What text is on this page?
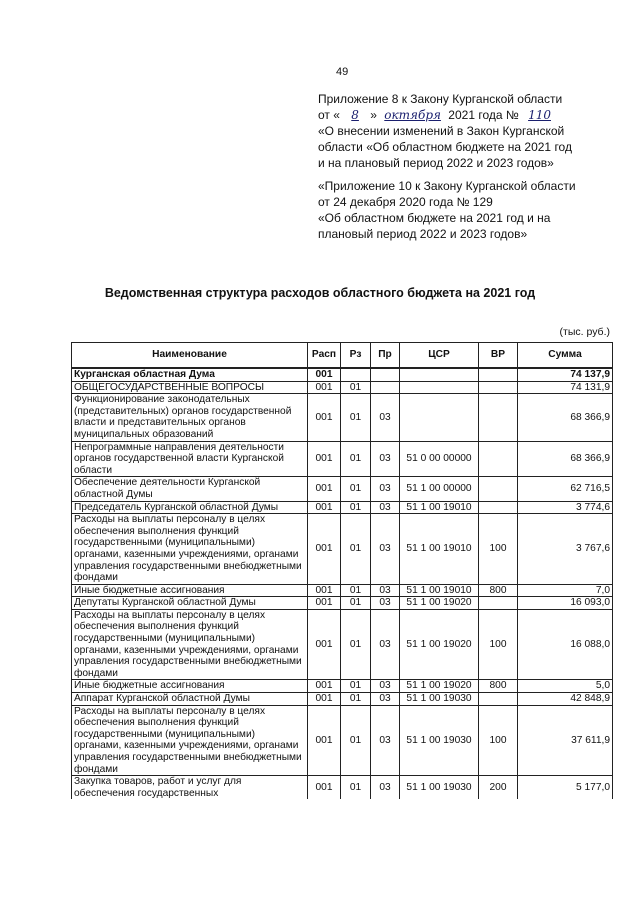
49
Приложение 8 к Закону Курганской области
от « 8 » октября 2021 года № 110
«О внесении изменений в Закон Курганской
области «Об областном бюджете на 2021 год
и на плановый период 2022 и 2023 годов»
«Приложение 10 к Закону Курганской области
от 24 декабря 2020 года № 129
«Об областном бюджете на 2021 год и на
плановый период 2022 и 2023 годов»
Ведомственная структура расходов областного бюджета на 2021 год
(тыс. руб.)
Наименование	Расп	Рз	Пр	ЦСР	ВР	Сумма
Курганская областная Дума	001					74 137,9
ОБЩЕГОСУДАРСТВЕННЫЕ ВОПРОСЫ	001	01				74 131,9
Функционирование законодательных (представительных) органов государственной власти и представительных органов муниципальных образований	001	01	03			68 366,9
Непрограммные направления деятельности органов государственной власти Курганской области	001	01	03	51 0 00 00000		68 366,9
Обеспечение деятельности Курганской областной Думы	001	01	03	51 1 00 00000		62 716,5
Председатель Курганской областной Думы	001	01	03	51 1 00 19010		3 774,6
Расходы на выплаты персоналу в целях обеспечения выполнения функций государственными (муниципальными) органами, казенными учреждениями, органами управления государственными внебюджетными фондами	001	01	03	51 1 00 19010	100	3 767,6
Иные бюджетные ассигнования	001	01	03	51 1 00 19010	800	7,0
Депутаты Курганской областной Думы	001	01	03	51 1 00 19020		16 093,0
Расходы на выплаты персоналу в целях обеспечения выполнения функций государственными (муниципальными) органами, казенными учреждениями, органами управления государственными внебюджетными фондами	001	01	03	51 1 00 19020	100	16 088,0
Иные бюджетные ассигнования	001	01	03	51 1 00 19020	800	5,0
Аппарат Курганской областной Думы	001	01	03	51 1 00 19030		42 848,9
Расходы на выплаты персоналу в целях обеспечения выполнения функций государственными (муниципальными) органами, казенными учреждениями, органами управления государственными внебюджетными фондами	001	01	03	51 1 00 19030	100	37 611,9
Закупка товаров, работ и услуг для обеспечения государственных	001	01	03	51 1 00 19030	200	5 177,0
